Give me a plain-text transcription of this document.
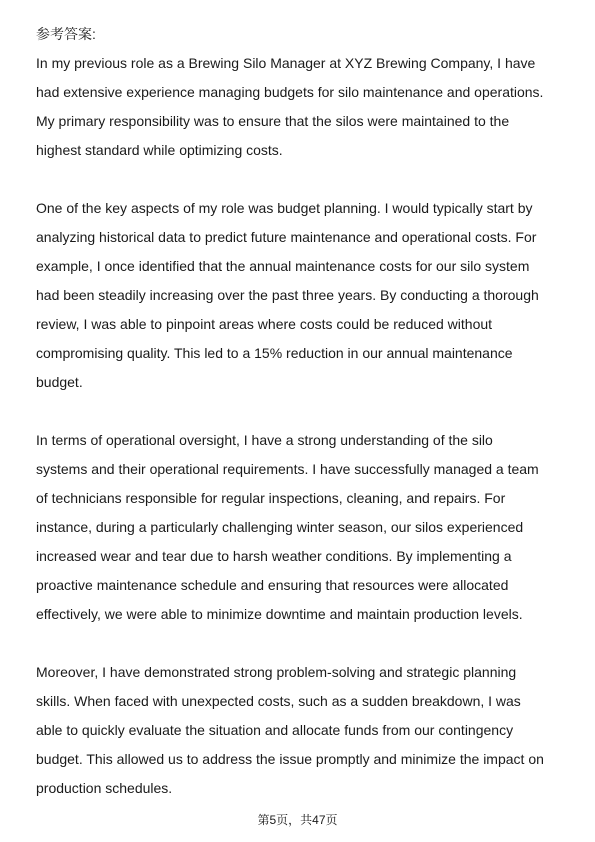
参考答案:

In my previous role as a Brewing Silo Manager at XYZ Brewing Company, I have
had extensive experience managing budgets for silo maintenance and operations.
My primary responsibility was to ensure that the silos were maintained to the
highest standard while optimizing costs.

One of the key aspects of my role was budget planning. I would typically start by
analyzing historical data to predict future maintenance and operational costs. For
example, I once identified that the annual maintenance costs for our silo system
had been steadily increasing over the past three years. By conducting a thorough
review, I was able to pinpoint areas where costs could be reduced without
compromising quality. This led to a 15% reduction in our annual maintenance
budget.

In terms of operational oversight, I have a strong understanding of the silo
systems and their operational requirements. I have successfully managed a team
of technicians responsible for regular inspections, cleaning, and repairs. For
instance, during a particularly challenging winter season, our silos experienced
increased wear and tear due to harsh weather conditions. By implementing a
proactive maintenance schedule and ensuring that resources were allocated
effectively, we were able to minimize downtime and maintain production levels.

Moreover, I have demonstrated strong problem-solving and strategic planning
skills. When faced with unexpected costs, such as a sudden breakdown, I was
able to quickly evaluate the situation and allocate funds from our contingency
budget. This allowed us to address the issue promptly and minimize the impact on
production schedules.

第5页，共47页
